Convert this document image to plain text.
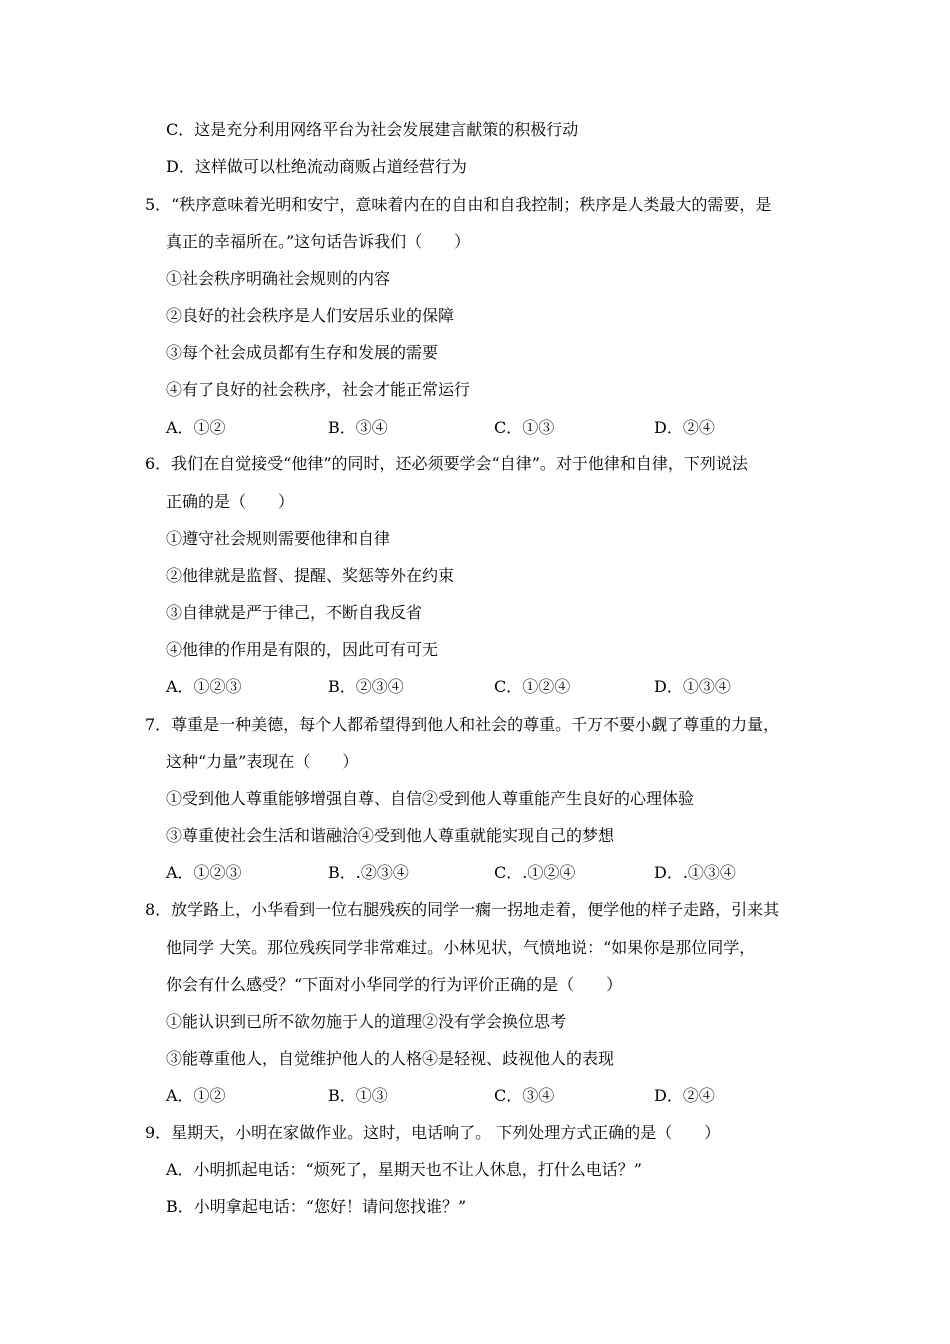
C．这是充分利用网络平台为社会发展建言献策的积极行动
D．这样做可以杜绝流动商贩占道经营行为
5．“秩序意味着光明和安宁，意味着内在的自由和自我控制；秩序是人类最大的需要，是
真正的幸福所在。”这句话告诉我们（　　）
①社会秩序明确社会规则的内容
②良好的社会秩序是人们安居乐业的保障
③每个社会成员都有生存和发展的需要
④有了良好的社会秩序，社会才能正常运行
A．①②	B．③④	C．①③	D．②④
6．我们在自觉接受“他律”的同时，还必须要学会“自律”。对于他律和自律，下列说法
正确的是（　　）
①遵守社会规则需要他律和自律
②他律就是监督、提醒、奖惩等外在约束
③自律就是严于律己，不断自我反省
④他律的作用是有限的，因此可有可无
A．①②③	B．②③④	C．①②④	D．①③④
7．尊重是一种美德，每个人都希望得到他人和社会的尊重。千万不要小觑了尊重的力量，
这种“力量”表现在（　　）
①受到他人尊重能够增强自尊、自信②受到他人尊重能产生良好的心理体验
③尊重使社会生活和谐融洽④受到他人尊重就能实现自己的梦想
A．①②③	B．.②③④	C．.①②④	D．.①③④
8．放学路上，小华看到一位右腿残疾的同学一瘸一拐地走着，便学他的样子走路，引来其
他同学 大笑。那位残疾同学非常难过。小林见状，气愤地说：“如果你是那位同学，
你会有什么感受？“下面对小华同学的行为评价正确的是（　　）
①能认识到已所不欲勿施于人的道理②没有学会换位思考
③能尊重他人，自觉维护他人的人格④是轻视、歧视他人的表现
A．①②	B．①③	C．③④	D．②④
9．星期天，小明在家做作业。这时，电话响了。 下列处理方式正确的是（　　）
A．小明抓起电话：“烦死了，星期天也不让人休息，打什么电话？”
B．小明拿起电话：“您好！请问您找谁？”
